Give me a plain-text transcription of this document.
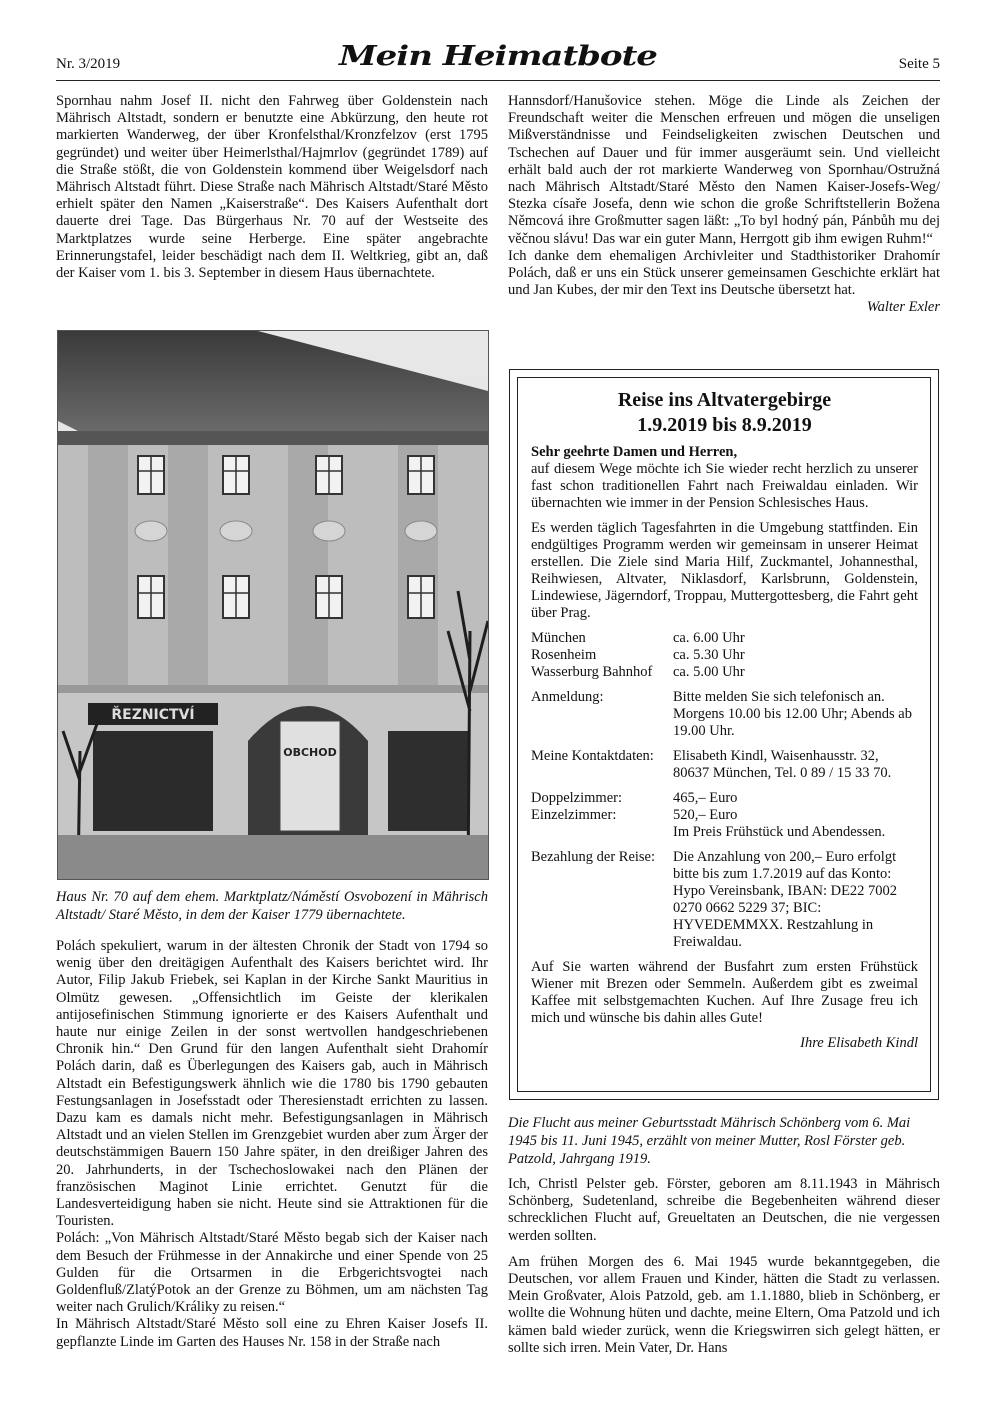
Nr. 3/2019	Mein Heimatbote	Seite 5

Spornhau nahm Josef II. nicht den Fahrweg über Goldenstein nach Mährisch Altstadt, sondern er benutzte eine Abkürzung, den heute rot markierten Wanderweg, der über Kronfelsthal/Kronzfelzov (erst 1795 gegründet) und weiter über Heimerlsthal/Hajmrlov (gegründet 1789) auf die Straße stößt, die von Goldenstein kommend über Weigelsdorf nach Mährisch Altstadt führt. Diese Straße nach Mährisch Altstadt/Staré Město erhielt später den Namen „Kaiserstraße“. Des Kaisers Aufenthalt dort dauerte drei Tage. Das Bürgerhaus Nr. 70 auf der Westseite des Marktplatzes wurde seine Herberge. Eine später angebrachte Erinnerungstafel, leider beschädigt nach dem II. Weltkrieg, gibt an, daß der Kaiser vom 1. bis 3. September in diesem Haus übernachtete.

ŘEZNICTVÍ
OBCHOD
Haus Nr. 70 auf dem ehem. Marktplatz/Náměstí Osvobození in Mährisch Altstadt/ Staré Město, in dem der Kaiser 1779 übernachtete.

Polách spekuliert, warum in der ältesten Chronik der Stadt von 1794 so wenig über den dreitägigen Aufenthalt des Kaisers berichtet wird. Ihr Autor, Filip Jakub Friebek, sei Kaplan in der Kirche Sankt Mauritius in Olmütz gewesen. „Offensichtlich im Geiste der klerikalen antijosefinischen Stimmung ignorierte er des Kaisers Aufenthalt und haute nur einige Zeilen in der sonst wertvollen handgeschriebenen Chronik hin.“ Den Grund für den langen Aufenthalt sieht Drahomír Polách darin, daß es Überlegungen des Kaisers gab, auch in Mährisch Altstadt ein Befestigungswerk ähnlich wie die 1780 bis 1790 gebauten Festungsanlagen in Josefsstadt oder Theresienstadt errichten zu lassen. Dazu kam es damals nicht mehr. Befestigungsanlagen in Mährisch Altstadt und an vielen Stellen im Grenzgebiet wurden aber zum Ärger der deutschstämmigen Bauern 150 Jahre später, in den dreißiger Jahren des 20. Jahrhunderts, in der Tschechoslowakei nach den Plänen der französischen Maginot Linie errichtet. Genutzt für die Landesverteidigung haben sie nicht. Heute sind sie Attraktionen für die Touristen.

Polách: „Von Mährisch Altstadt/Staré Město begab sich der Kaiser nach dem Besuch der Frühmesse in der Annakirche und einer Spende von 25 Gulden für die Ortsarmen in die Erbgerichtsvogtei nach Goldenfluß/ZlatýPotok an der Grenze zu Böhmen, um am nächsten Tag weiter nach Grulich/Králiky zu reisen.“

In Mährisch Altstadt/Staré Město soll eine zu Ehren Kaiser Josefs II. gepflanzte Linde im Garten des Hauses Nr. 158 in der Straße nach

Hannsdorf/Hanušovice stehen. Möge die Linde als Zeichen der Freundschaft weiter die Menschen erfreuen und mögen die unseligen Mißverständnisse und Feindseligkeiten zwischen Deutschen und Tschechen auf Dauer und für immer ausgeräumt sein. Und vielleicht erhält bald auch der rot markierte Wanderweg von Spornhau/Ostružná nach Mährisch Altstadt/Staré Město den Namen Kaiser-Josefs-Weg/ Stezka císaře Josefa, denn wie schon die große Schriftstellerin Božena Němcová ihre Großmutter sagen läßt: „To byl hodný pán, Pánbůh mu dej věčnou slávu! Das war ein guter Mann, Herrgott gib ihm ewigen Ruhm!“

Ich danke dem ehemaligen Archivleiter und Stadthistoriker Drahomír Polách, daß er uns ein Stück unserer gemeinsamen Geschichte erklärt hat und Jan Kubes, der mir den Text ins Deutsche übersetzt hat.

Walter Exler

Reise ins Altvatergebirge
1.9.2019 bis 8.9.2019
Sehr geehrte Damen und Herren,

auf diesem Wege möchte ich Sie wieder recht herzlich zu unserer fast schon traditionellen Fahrt nach Freiwaldau einladen. Wir übernachten wie immer in der Pension Schlesisches Haus.

Es werden täglich Tagesfahrten in die Umgebung stattfinden. Ein endgültiges Programm werden wir gemeinsam in unserer Heimat erstellen. Die Ziele sind Maria Hilf, Zuckmantel, Johannesthal, Reihwiesen, Altvater, Niklasdorf, Karlsbrunn, Goldenstein, Lindewiese, Jägerndorf, Troppau, Muttergottesberg, die Fahrt geht über Prag.

München	ca. 6.00 Uhr
Rosenheim	ca. 5.30 Uhr
Wasserburg Bahnhof	ca. 5.00 Uhr
Anmeldung:	Bitte melden Sie sich telefonisch an. Morgens 10.00 bis 12.00 Uhr; Abends ab 19.00 Uhr.
Meine Kontaktdaten:	Elisabeth Kindl, Waisenhausstr. 32, 80637 München, Tel. 0 89 / 15 33 70.
Doppelzimmer:	465,– Euro
Einzelzimmer:	520,– Euro
Im Preis Frühstück und Abendessen.
Bezahlung der Reise:	Die Anzahlung von 200,– Euro erfolgt bitte bis zum 1.7.2019 auf das Konto: Hypo Vereinsbank, IBAN: DE22 7002 0270 0662 5229 37; BIC: HYVEDEMMXX. Restzahlung in Freiwaldau.

Auf Sie warten während der Busfahrt zum ersten Frühstück Wiener mit Brezen oder Semmeln. Außerdem gibt es zweimal Kaffee mit selbstgemachten Kuchen. Auf Ihre Zusage freu ich mich und wünsche bis dahin alles Gute!

Ihre Elisabeth Kindl
Die Flucht aus meiner Geburtsstadt Mährisch Schönberg vom 6. Mai 1945 bis 11. Juni 1945, erzählt von meiner Mutter, Rosl Förster geb. Patzold, Jahrgang 1919.

Ich, Christl Pelster geb. Förster, geboren am 8.11.1943 in Mährisch Schönberg, Sudetenland, schreibe die Begebenheiten während dieser schrecklichen Flucht auf, Greueltaten an Deutschen, die nie vergessen werden sollten.

Am frühen Morgen des 6. Mai 1945 wurde bekanntgegeben, die Deutschen, vor allem Frauen und Kinder, hätten die Stadt zu verlassen. Mein Großvater, Alois Patzold, geb. am 1.1.1880, blieb in Schönberg, er wollte die Wohnung hüten und dachte, meine Eltern, Oma Patzold und ich kämen bald wieder zurück, wenn die Kriegswirren sich gelegt hätten, er sollte sich irren. Mein Vater, Dr. Hans
